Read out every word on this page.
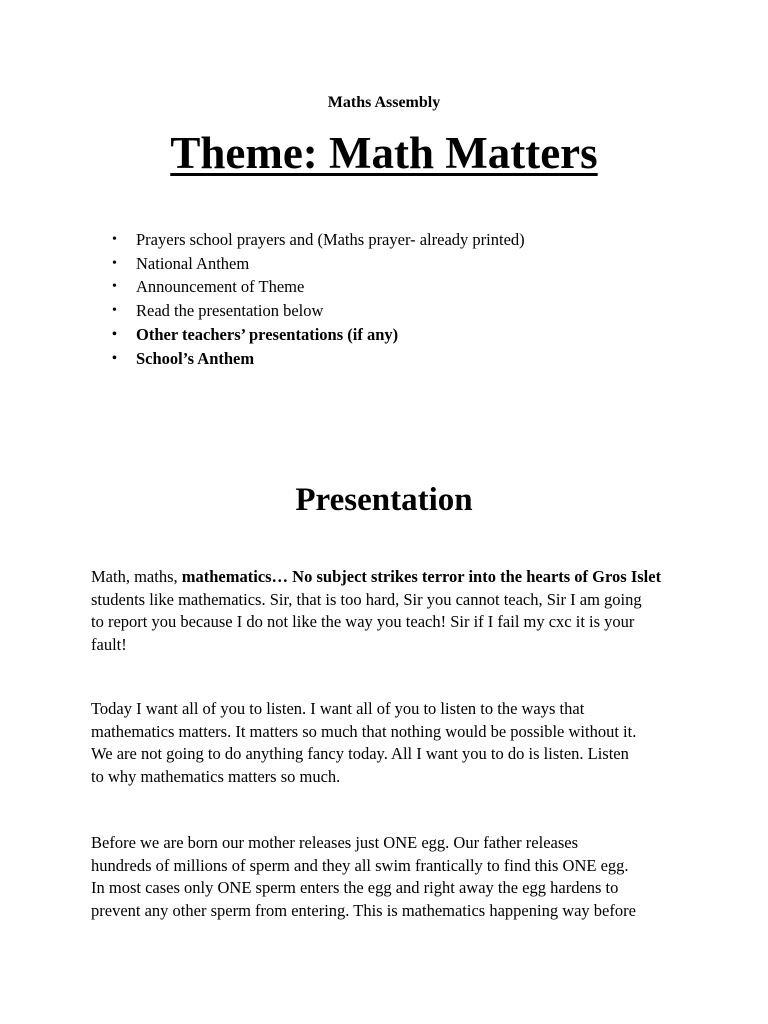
Maths Assembly
Theme: Math Matters
• Prayers school prayers and (Maths prayer- already printed)
• National Anthem
• Announcement of Theme
• Read the presentation below
• Other teachers’ presentations (if any)
• School’s Anthem
Presentation

Math, maths, mathematics… No subject strikes terror into the hearts of Gros Islet
students like mathematics. Sir, that is too hard, Sir you cannot teach, Sir I am going
to report you because I do not like the way you teach! Sir if I fail my cxc it is your
fault!

Today I want all of you to listen. I want all of you to listen to the ways that
mathematics matters. It matters so much that nothing would be possible without it.
We are not going to do anything fancy today. All I want you to do is listen. Listen
to why mathematics matters so much.

Before we are born our mother releases just ONE egg. Our father releases
hundreds of millions of sperm and they all swim frantically to find this ONE egg.
In most cases only ONE sperm enters the egg and right away the egg hardens to
prevent any other sperm from entering. This is mathematics happening way before
